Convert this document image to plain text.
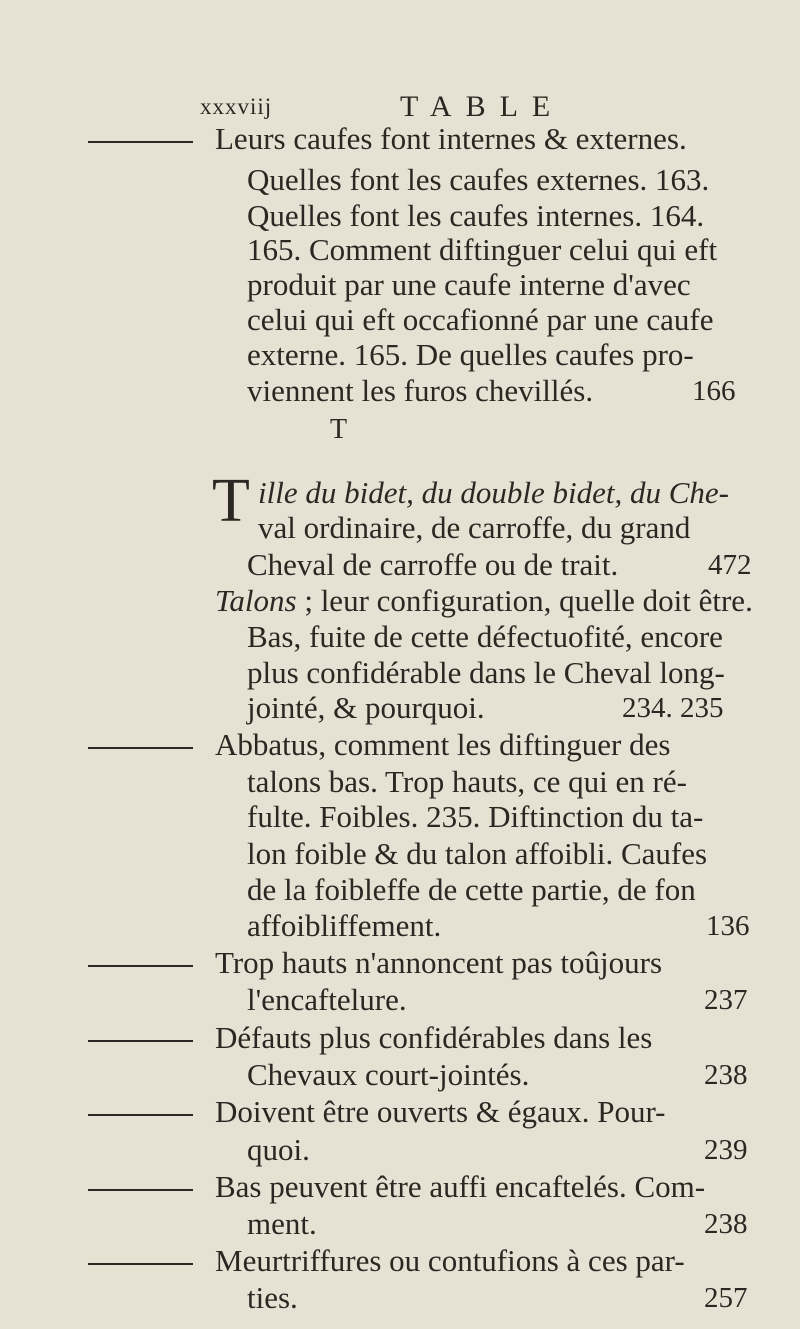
xxxviij	TABLE
Leurs caufes font internes & externes.
Quelles font les caufes externes. 163.
Quelles font les caufes internes. 164.
165. Comment diftinguer celui qui eft
produit par une caufe interne d'avec
celui qui eft occafionné par une caufe
externe. 165. De quelles caufes pro-
viennent les furos chevillés.
ille du bidet, du double bidet, du Che-
val ordinaire, de carroffe, du grand
Cheval de carroffe ou de trait.
Talons ; leur configuration, quelle doit être.
Bas, fuite de cette défectuofité, encore
plus confidérable dans le Cheval long-
jointé, & pourquoi.
Abbatus, comment les diftinguer des
talons bas. Trop hauts, ce qui en ré-
fulte. Foibles. 235. Diftinction du ta-
lon foible & du talon affoibli. Caufes
de la foibleffe de cette partie, de fon
affoibliffement.
Trop hauts n'annoncent pas toûjours
l'encaftelure.
Défauts plus confidérables dans les
Chevaux court-jointés.
Doivent être ouverts & égaux. Pour-
quoi.
Bas peuvent être auffi encaftelés. Com-
ment.
Meurtriffures ou contufions à ces par-
ties.
166
472
234. 235
136
237
238
239
238
257
T
T
